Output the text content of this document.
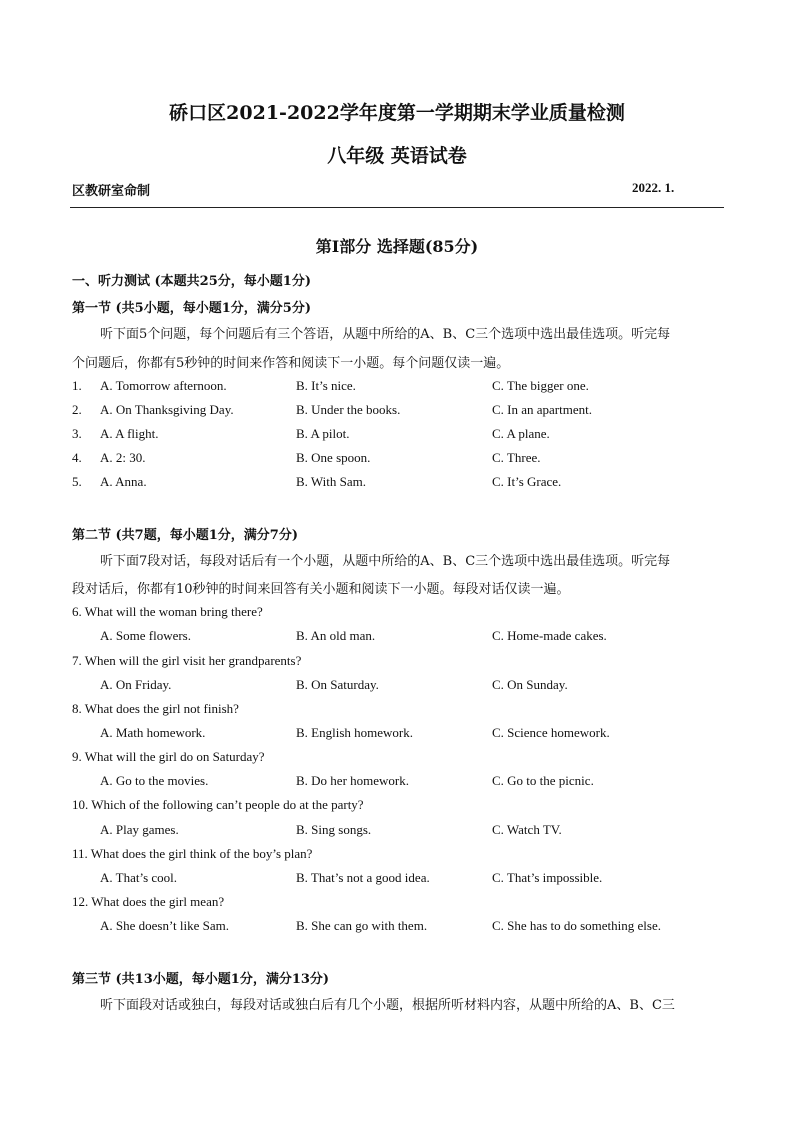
硚口区2021-2022学年度第一学期期末学业质量检测
八年级 英语试卷
区教研室命制	2022. 1.
第Ⅰ部分 选择题(85分)
一、听力测试 (本题共25分，每小题1分)
第一节 (共5小题，每小题1分，满分5分)
听下面5个问题，每个问题后有三个答语，从题中所给的A、B、C三个选项中选出最佳选项。听完每
个问题后，你都有5秒钟的时间来作答和阅读下一小题。每个问题仅读一遍。
1. A. Tomorrow afternoon.	B. It’s nice.	C. The bigger one.
2. A. On Thanksgiving Day.	B. Under the books.	C. In an apartment.
3. A. A flight.	B. A pilot.	C. A plane.
4. A. 2: 30.	B. One spoon.	C. Three.
5. A. Anna.	B. With Sam.	C. It’s Grace.
第二节 (共7题，每小题1分，满分7分)
听下面7段对话，每段对话后有一个小题，从题中所给的A、B、C三个选项中选出最佳选项。听完每
段对话后，你都有10秒钟的时间来回答有关小题和阅读下一小题。每段对话仅读一遍。
6. What will the woman bring there?
A. Some flowers.	B. An old man.	C. Home-made cakes.
7. When will the girl visit her grandparents?
A. On Friday.	B. On Saturday.	C. On Sunday.
8. What does the girl not finish?
A. Math homework.	B. English homework.	C. Science homework.
9. What will the girl do on Saturday?
A. Go to the movies.	B. Do her homework.	C. Go to the picnic.
10. Which of the following can’t people do at the party?
A. Play games.	B. Sing songs.	C. Watch TV.
11. What does the girl think of the boy’s plan?
A. That’s cool.	B. That’s not a good idea.	C. That’s impossible.
12. What does the girl mean?
A. She doesn’t like Sam.	B. She can go with them.	C. She has to do something else.
第三节 (共13小题，每小题1分，满分13分)
听下面段对话或独白，每段对话或独白后有几个小题，根据所听材料内容，从题中所给的A、B、C三
